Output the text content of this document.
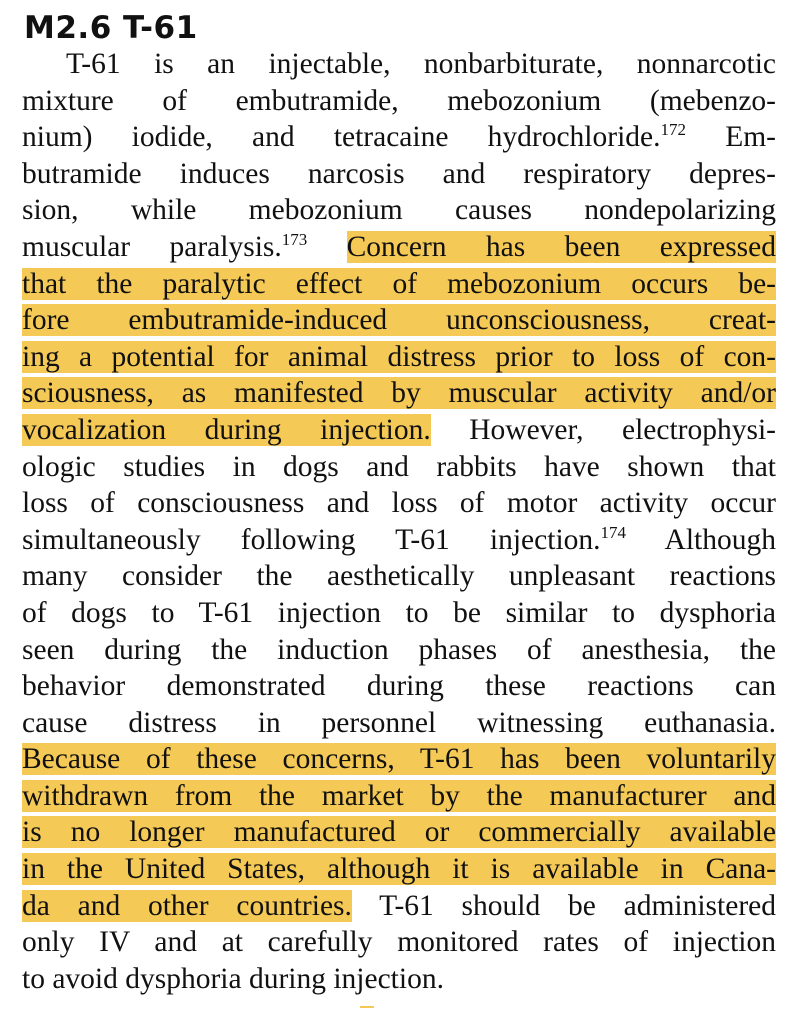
M2.6 T-61
T-61 is an injectable, nonbarbiturate, nonnarcotic
mixture of embutramide, mebozonium (mebenzo-
nium) iodide, and tetracaine hydrochloride.$^{172}$ Em-
butramide induces narcosis and respiratory depres-
sion, while mebozonium causes nondepolarizing
muscular paralysis.$^{173}$ Concern has been expressed
that the paralytic effect of mebozonium occurs be-
fore embutramide-induced unconsciousness, creat-
ing a potential for animal distress prior to loss of con-
sciousness, as manifested by muscular activity and/or
vocalization during injection. However, electrophysi-
ologic studies in dogs and rabbits have shown that
loss of consciousness and loss of motor activity occur
simultaneously following T-61 injection.$^{174}$ Although
many consider the aesthetically unpleasant reactions
of dogs to T-61 injection to be similar to dysphoria
seen during the induction phases of anesthesia, the
behavior demonstrated during these reactions can
cause distress in personnel witnessing euthanasia.
Because of these concerns, T-61 has been voluntarily
withdrawn from the market by the manufacturer and
is no longer manufactured or commercially available
in the United States, although it is available in Cana-
da and other countries. T-61 should be administered
only IV and at carefully monitored rates of injection
to avoid dysphoria during injection.
